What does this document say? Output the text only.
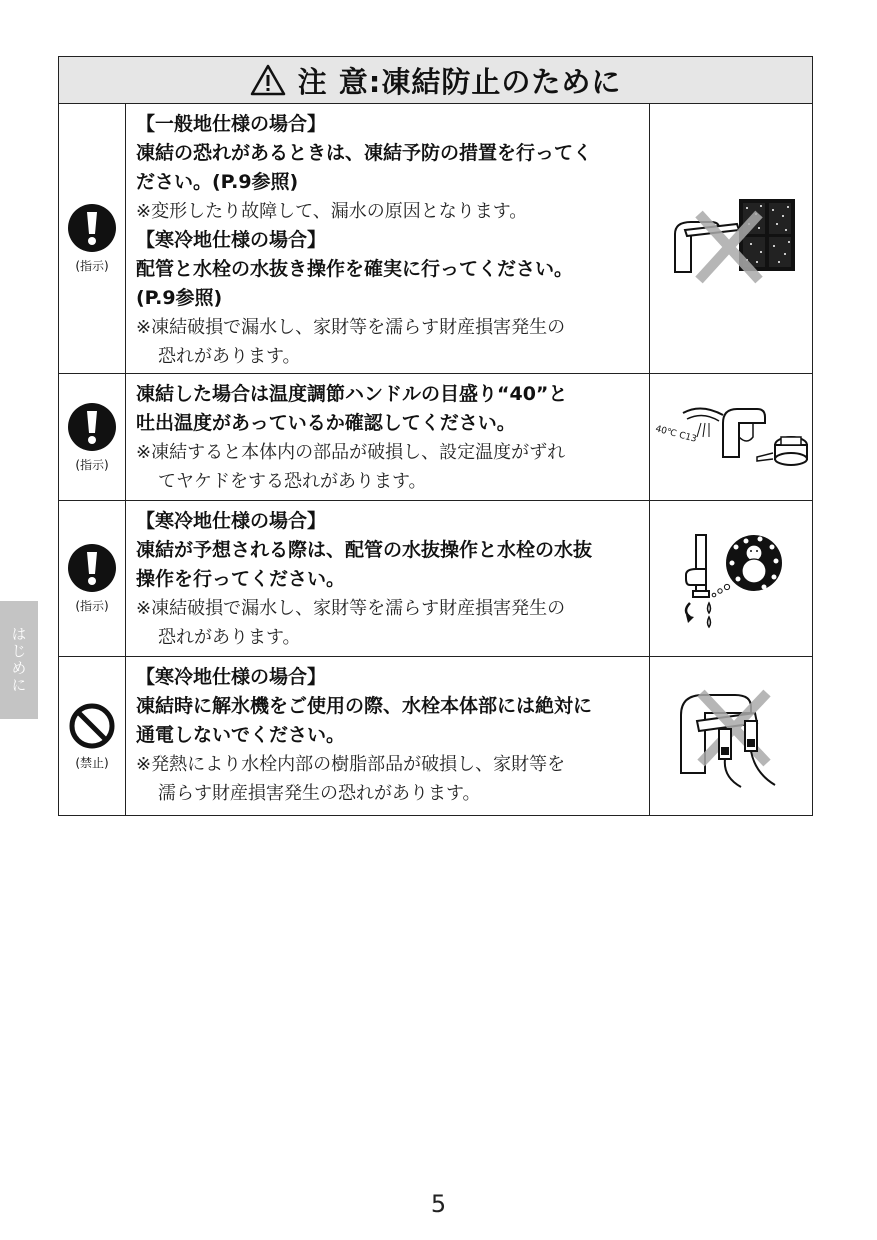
はじめに
注 意:凍結防止のために
(指示)
【一般地仕様の場合】
凍結の恐れがあるときは、凍結予防の措置を行ってく
ださい。(P.9参照)
※変形したり故障して、漏水の原因となります。
【寒冷地仕様の場合】
配管と水栓の水抜き操作を確実に行ってください。
(P.9参照)
※凍結破損で漏水し、家財等を濡らす財産損害発生の
恐れがあります。
(指示)
凍結した場合は温度調節ハンドルの目盛り“40”と
吐出温度があっているか確認してください。
※凍結すると本体内の部品が破損し、設定温度がずれ
てヤケドをする恐れがあります。
40℃ C13
(指示)
【寒冷地仕様の場合】
凍結が予想される際は、配管の水抜操作と水栓の水抜
操作を行ってください。
※凍結破損で漏水し、家財等を濡らす財産損害発生の
恐れがあります。
(禁止)
【寒冷地仕様の場合】
凍結時に解氷機をご使用の際、水栓本体部には絶対に
通電しないでください。
※発熱により水栓内部の樹脂部品が破損し、家財等を
濡らす財産損害発生の恐れがあります。
5
